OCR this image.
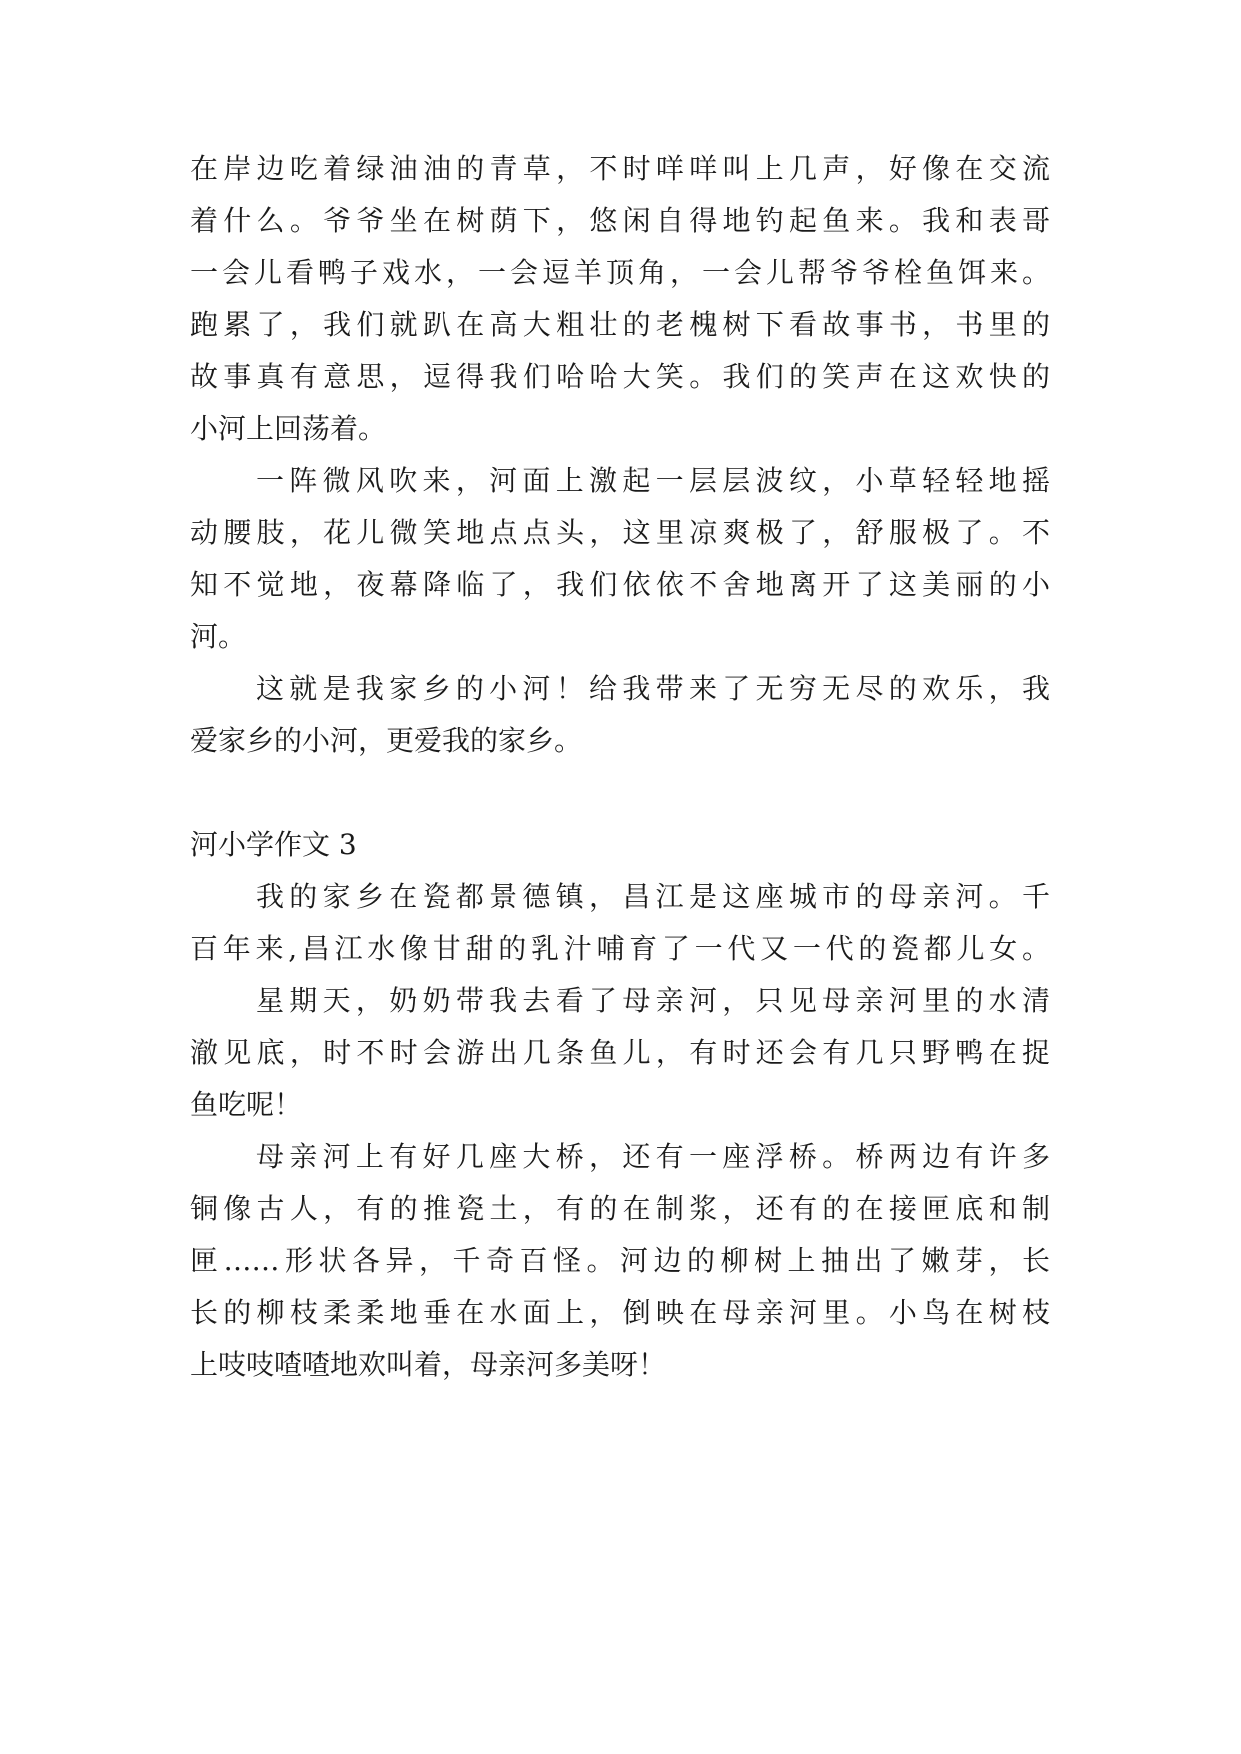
在岸边吃着绿油油的青草，不时咩咩叫上几声，好像在交流

着什么。爷爷坐在树荫下，悠闲自得地钓起鱼来。我和表哥

一会儿看鸭子戏水，一会逗羊顶角，一会儿帮爷爷栓鱼饵来。

跑累了，我们就趴在高大粗壮的老槐树下看故事书，书里的

故事真有意思，逗得我们哈哈大笑。我们的笑声在这欢快的

小河上回荡着。

一阵微风吹来，河面上激起一层层波纹，小草轻轻地摇

动腰肢，花儿微笑地点点头，这里凉爽极了，舒服极了。不

知不觉地，夜幕降临了，我们依依不舍地离开了这美丽的小

河。

这就是我家乡的小河！给我带来了无穷无尽的欢乐，我

爱家乡的小河，更爱我的家乡。

河小学作文 3

我的家乡在瓷都景德镇，昌江是这座城市的母亲河。千

百年来,昌江水像甘甜的乳汁哺育了一代又一代的瓷都儿女。

星期天，奶奶带我去看了母亲河，只见母亲河里的水清

澈见底，时不时会游出几条鱼儿，有时还会有几只野鸭在捉

鱼吃呢！

母亲河上有好几座大桥，还有一座浮桥。桥两边有许多

铜像古人，有的推瓷土，有的在制浆，还有的在接匣底和制

匣……形状各异，千奇百怪。河边的柳树上抽出了嫩芽，长

长的柳枝柔柔地垂在水面上，倒映在母亲河里。小鸟在树枝

上吱吱喳喳地欢叫着，母亲河多美呀！
